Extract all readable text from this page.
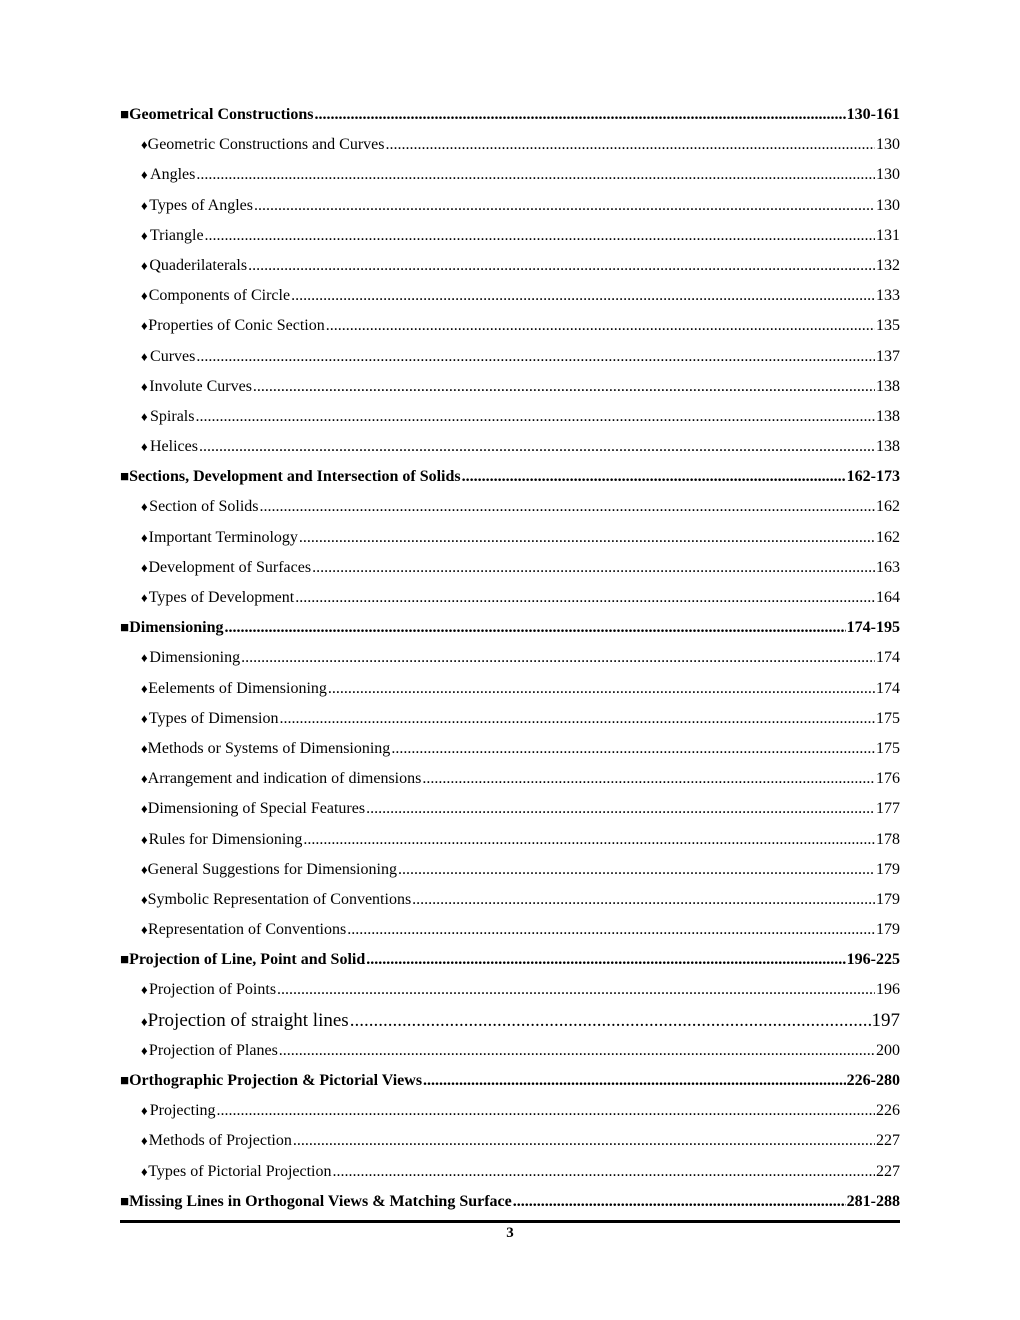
■ Geometrical Constructions .....	130-161
♦ Geometric Constructions and Curves .....	130
♦ Angles .....	130
♦ Types of Angles .....	130
♦ Triangle .....	131
♦ Quaderilaterals .....	132
♦ Components of Circle .....	133
♦ Properties of Conic Section .....	135
♦ Curves .....	137
♦ Involute Curves .....	138
♦ Spirals .....	138
♦ Helices .....	138
■ Sections, Development and Intersection of Solids .....	162-173
♦ Section of Solids .....	162
♦ Important Terminology .....	162
♦ Development of Surfaces .....	163
♦ Types of Development .....	164
■ Dimensioning .....	174-195
♦ Dimensioning .....	174
♦ Eelements of Dimensioning .....	174
♦ Types of Dimension .....	175
♦ Methods or Systems of Dimensioning .....	175
♦ Arrangement and indication of dimensions .....	176
♦ Dimensioning of Special Features .....	177
♦ Rules for Dimensioning .....	178
♦ General Suggestions for Dimensioning .....	179
♦ Symbolic Representation of Conventions .....	179
♦ Representation of Conventions .....	179
■ Projection of Line, Point and Solid .....	196-225
♦ Projection of Points .....	196
♦ Projection of straight lines .....	197
♦ Projection of Planes .....	200
■ Orthographic Projection & Pictorial Views .....	226-280
♦ Projecting .....	226
♦ Methods of Projection .....	227
♦ Types of Pictorial Projection .....	227
■ Missing Lines in Orthogonal Views & Matching Surface .....	281-288
3
